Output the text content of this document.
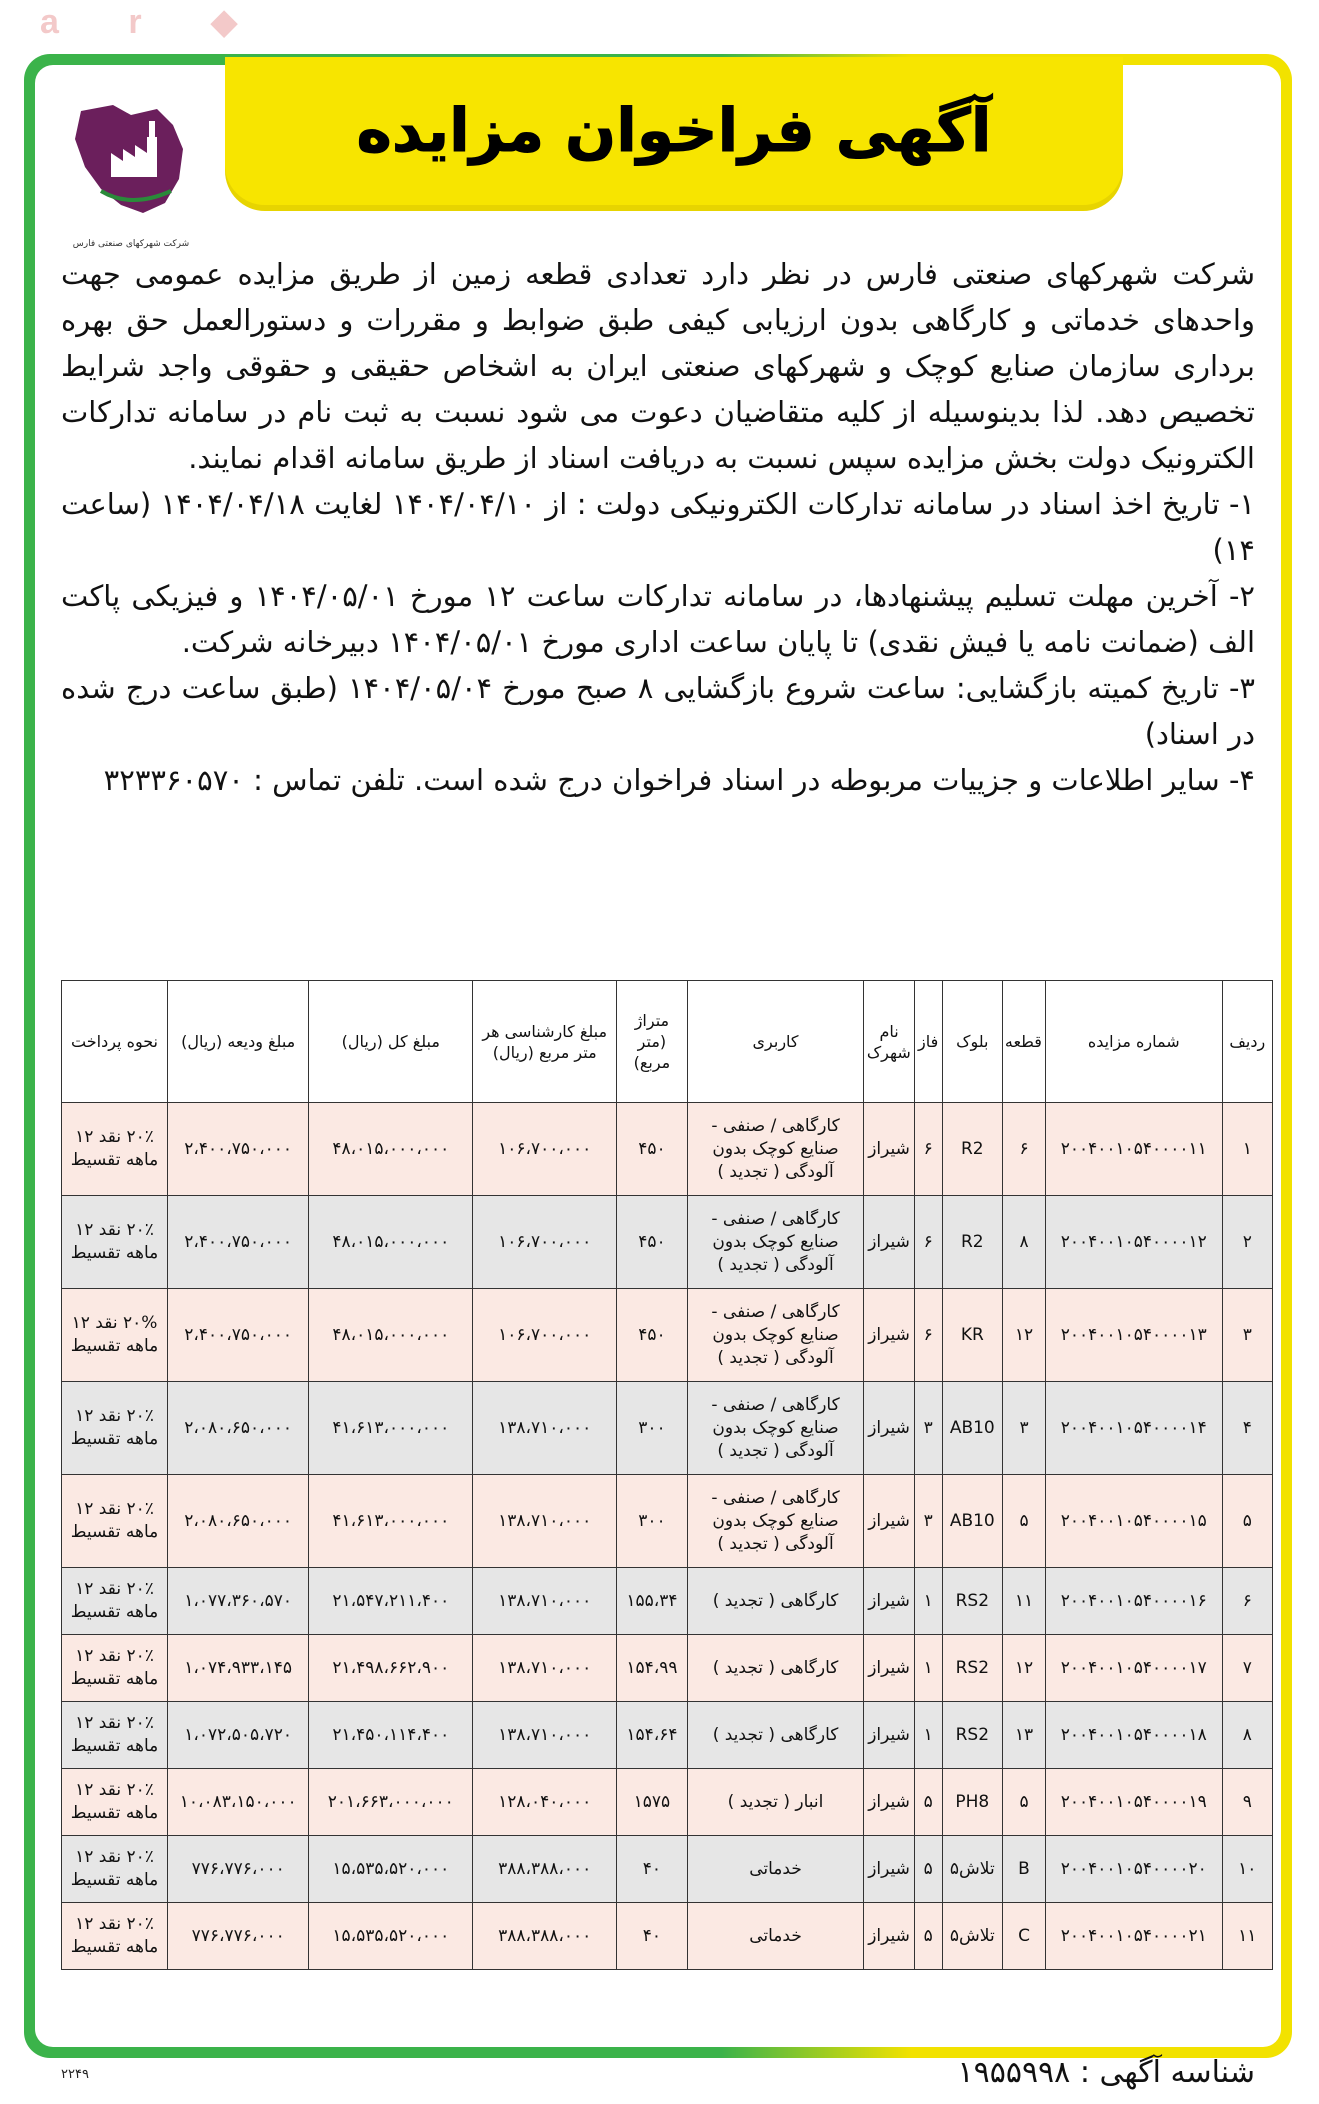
a r ◆
آگهی فراخوان مزایده
شرکت شهرکهای صنعتی فارس

شرکت شهرکهای صنعتی فارس در نظر دارد تعدادی قطعه زمین از طریق مزایده عمومی جهت واحدهای خدماتی و کارگاهی بدون ارزیابی کیفی طبق ضوابط و مقررات و دستورالعمل حق بهره برداری سازمان صنایع کوچک و شهرکهای صنعتی ایران به اشخاص حقیقی و حقوقی واجد شرایط تخصیص دهد. لذا بدینوسیله از کلیه متقاضیان دعوت می شود نسبت به ثبت نام در سامانه تدارکات الکترونیک دولت بخش مزایده سپس نسبت به دریافت اسناد از طریق سامانه اقدام نمایند.

۱- تاریخ اخذ اسناد در سامانه تدارکات الکترونیکی دولت : از ۱۴۰۴/۰۴/۱۰ لغایت ۱۴۰۴/۰۴/۱۸ (ساعت ۱۴)

۲- آخرین مهلت تسلیم پیشنهادها، در سامانه تدارکات ساعت ۱۲ مورخ ۱۴۰۴/۰۵/۰۱ و فیزیکی پاکت الف (ضمانت نامه یا فیش نقدی) تا پایان ساعت اداری مورخ ۱۴۰۴/۰۵/۰۱ دبیرخانه شرکت.

۳- تاریخ کمیته بازگشایی: ساعت شروع بازگشایی ۸ صبح مورخ ۱۴۰۴/۰۵/۰۴ (طبق ساعت درج شده در اسناد)

۴- سایر اطلاعات و جزییات مربوطه در اسناد فراخوان درج شده است. تلفن تماس : ۳۲۳۳۶۰۵۷۰

ردیف	شماره مزایده	قطعه	بلوک	فاز	نام شهرک	کاربری	متراژ (متر مربع)	مبلغ کارشناسی هر متر مربع (ریال)	مبلغ کل (ریال)	مبلغ ودیعه (ریال)	نحوه پرداخت
۱	۲۰۰۴۰۰۱۰۵۴۰۰۰۰۱۱	۶	R2	۶	شیراز	کارگاهی / صنفی - صنایع کوچک بدون آلودگی ( تجدید )	۴۵۰	۱۰۶،۷۰۰،۰۰۰	۴۸،۰۱۵،۰۰۰،۰۰۰	۲،۴۰۰،۷۵۰،۰۰۰	۲۰٪ نقد ۱۲ ماهه تقسیط
۲	۲۰۰۴۰۰۱۰۵۴۰۰۰۰۱۲	۸	R2	۶	شیراز	کارگاهی / صنفی - صنایع کوچک بدون آلودگی ( تجدید )	۴۵۰	۱۰۶،۷۰۰،۰۰۰	۴۸،۰۱۵،۰۰۰،۰۰۰	۲،۴۰۰،۷۵۰،۰۰۰	۲۰٪ نقد ۱۲ ماهه تقسیط
۳	۲۰۰۴۰۰۱۰۵۴۰۰۰۰۱۳	۱۲	KR	۶	شیراز	کارگاهی / صنفی - صنایع کوچک بدون آلودگی ( تجدید )	۴۵۰	۱۰۶،۷۰۰،۰۰۰	۴۸،۰۱۵،۰۰۰،۰۰۰	۲،۴۰۰،۷۵۰،۰۰۰	۲۰% نقد ۱۲ ماهه تقسیط
۴	۲۰۰۴۰۰۱۰۵۴۰۰۰۰۱۴	۳	AB10	۳	شیراز	کارگاهی / صنفی - صنایع کوچک بدون آلودگی ( تجدید )	۳۰۰	۱۳۸،۷۱۰،۰۰۰	۴۱،۶۱۳،۰۰۰،۰۰۰	۲،۰۸۰،۶۵۰،۰۰۰	۲۰٪ نقد ۱۲ ماهه تقسیط
۵	۲۰۰۴۰۰۱۰۵۴۰۰۰۰۱۵	۵	AB10	۳	شیراز	کارگاهی / صنفی - صنایع کوچک بدون آلودگی ( تجدید )	۳۰۰	۱۳۸،۷۱۰،۰۰۰	۴۱،۶۱۳،۰۰۰،۰۰۰	۲،۰۸۰،۶۵۰،۰۰۰	۲۰٪ نقد ۱۲ ماهه تقسیط
۶	۲۰۰۴۰۰۱۰۵۴۰۰۰۰۱۶	۱۱	RS2	۱	شیراز	کارگاهی ( تجدید )	۱۵۵،۳۴	۱۳۸،۷۱۰،۰۰۰	۲۱،۵۴۷،۲۱۱،۴۰۰	۱،۰۷۷،۳۶۰،۵۷۰	۲۰٪ نقد ۱۲ ماهه تقسیط
۷	۲۰۰۴۰۰۱۰۵۴۰۰۰۰۱۷	۱۲	RS2	۱	شیراز	کارگاهی ( تجدید )	۱۵۴،۹۹	۱۳۸،۷۱۰،۰۰۰	۲۱،۴۹۸،۶۶۲،۹۰۰	۱،۰۷۴،۹۳۳،۱۴۵	۲۰٪ نقد ۱۲ ماهه تقسیط
۸	۲۰۰۴۰۰۱۰۵۴۰۰۰۰۱۸	۱۳	RS2	۱	شیراز	کارگاهی ( تجدید )	۱۵۴،۶۴	۱۳۸،۷۱۰،۰۰۰	۲۱،۴۵۰،۱۱۴،۴۰۰	۱،۰۷۲،۵۰۵،۷۲۰	۲۰٪ نقد ۱۲ ماهه تقسیط
۹	۲۰۰۴۰۰۱۰۵۴۰۰۰۰۱۹	۵	PH8	۵	شیراز	انبار ( تجدید )	۱۵۷۵	۱۲۸،۰۴۰،۰۰۰	۲۰۱،۶۶۳،۰۰۰،۰۰۰	۱۰،۰۸۳،۱۵۰،۰۰۰	۲۰٪ نقد ۱۲ ماهه تقسیط
۱۰	۲۰۰۴۰۰۱۰۵۴۰۰۰۰۲۰	B	تلاش۵	۵	شیراز	خدماتی	۴۰	۳۸۸،۳۸۸،۰۰۰	۱۵،۵۳۵،۵۲۰،۰۰۰	۷۷۶،۷۷۶،۰۰۰	۲۰٪ نقد ۱۲ ماهه تقسیط
۱۱	۲۰۰۴۰۰۱۰۵۴۰۰۰۰۲۱	C	تلاش۵	۵	شیراز	خدماتی	۴۰	۳۸۸،۳۸۸،۰۰۰	۱۵،۵۳۵،۵۲۰،۰۰۰	۷۷۶،۷۷۶،۰۰۰	۲۰٪ نقد ۱۲ ماهه تقسیط
شناسه آگهی : ۱۹۵۵۹۹۸
۲۲۴۹
